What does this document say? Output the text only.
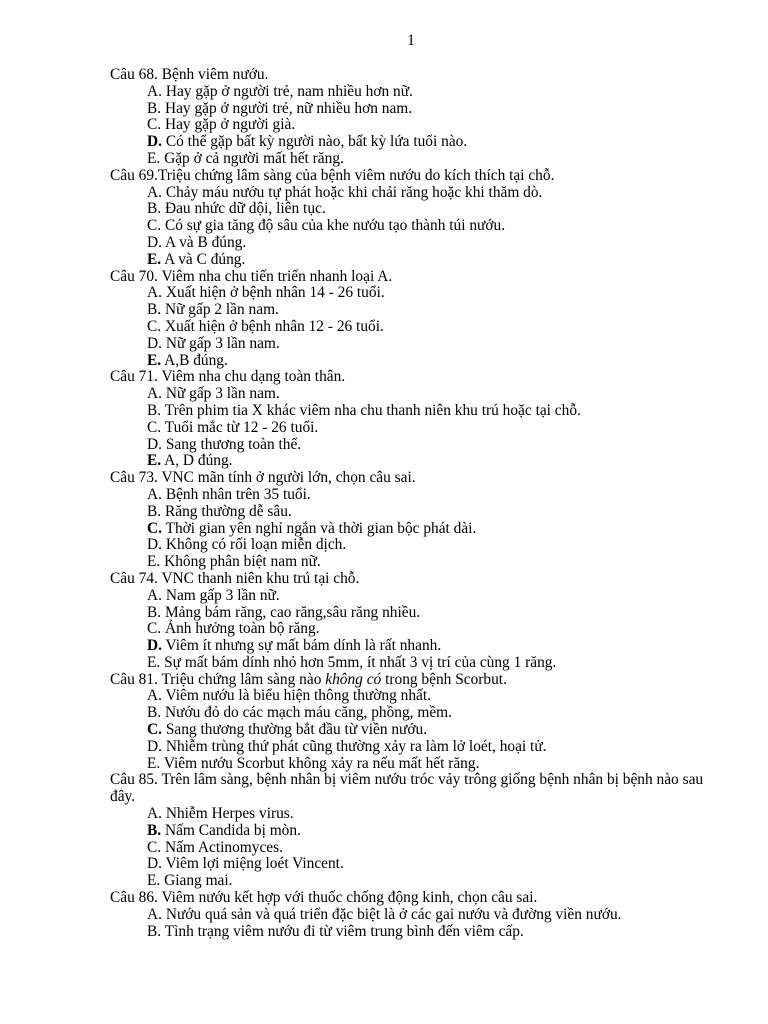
1
Câu 68. Bệnh viêm nướu.
A. Hay gặp ở người trẻ, nam nhiều hơn nữ.
B. Hay gặp ở người trẻ, nữ nhiều hơn nam.
C. Hay gặp ở người già.
D. Có thể gặp bất kỳ người nào, bất kỳ lứa tuổi nào.
E. Gặp ở cả người mất hết răng.
Câu 69.Triệu chứng lâm sàng của bệnh viêm nướu do kích thích tại chỗ.
A. Chảy máu nướu tự phát hoặc khi chải răng hoặc khi thăm dò.
B. Đau nhức dữ dội, liên tục.
C. Có sự gia tăng độ sâu của khe nướu tạo thành túi nướu.
D. A và B đúng.
E. A và C đúng.
Câu 70. Viêm nha chu tiến triển nhanh loại A.
A. Xuất hiện ở bệnh nhân 14 - 26 tuổi.
B. Nữ gấp 2 lần nam.
C. Xuất hiện ở bệnh nhân 12 - 26 tuổi.
D. Nữ gấp 3 lần nam.
E. A,B đúng.
Câu 71. Viêm nha chu dạng toàn thân.
A. Nữ gấp 3 lần nam.
B. Trên phim tia X khác viêm nha chu thanh niên khu trú hoặc tại chỗ.
C. Tuổi mắc từ 12 - 26 tuổi.
D. Sang thương toàn thể.
E. A, D đúng.
Câu 73. VNC mãn tính ở người lớn, chọn câu sai.
A. Bệnh nhân trên 35 tuổi.
B. Răng thường dễ sâu.
C. Thời gian yên nghỉ ngắn và thời gian bộc phát dài.
D. Không có rối loạn miễn dịch.
E. Không phân biệt nam nữ.
Câu 74. VNC thanh niên khu trú tại chỗ.
A. Nam gấp 3 lần nữ.
B. Mảng bám răng, cao răng,sâu răng nhiều.
C. Ảnh hưởng toàn bộ răng.
D. Viêm ít nhưng sự mất bám dính là rất nhanh.
E. Sự mất bám dính nhỏ hơn 5mm, ít nhất 3 vị trí của cùng 1 răng.
Câu 81. Triệu chứng lâm sàng nào không có trong bệnh Scorbut.
A. Viêm nướu là biểu hiện thông thường nhất.
B. Nướu đỏ do các mạch máu căng, phồng, mềm.
C. Sang thương thường bắt đầu từ viền nướu.
D. Nhiễm trùng thứ phát cũng thường xảy ra làm lở loét, hoại tử.
E. Viêm nướu Scorbut không xảy ra nếu mất hết răng.
Câu 85. Trên lâm sàng, bệnh nhân bị viêm nướu tróc vảy trông giống bệnh nhân bị bệnh nào sau đây.
A. Nhiễm Herpes virus.
B. Nấm Candida bị mòn.
C. Nấm Actinomyces.
D. Viêm lợi miệng loét Vincent.
E. Giang mai.
Câu 86. Viêm nướu kết hợp với thuốc chống động kinh, chọn câu sai.
A. Nướu quá sản và quá triển đặc biệt là ở các gai nướu và đường viền nướu.
B. Tình trạng viêm nướu đi từ viêm trung bình đến viêm cấp.
